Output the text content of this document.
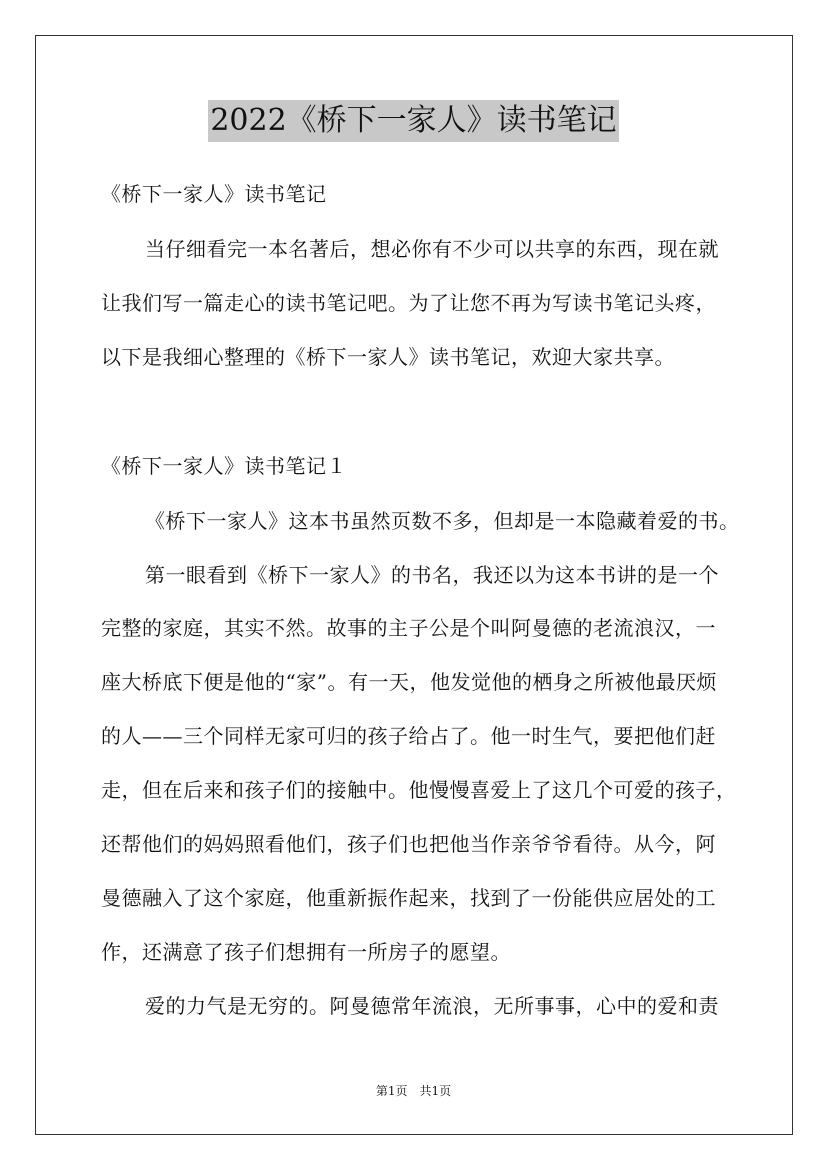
2022《桥下一家人》读书笔记
《桥下一家人》读书笔记
当仔细看完一本名著后，想必你有不少可以共享的东西，现在就
让我们写一篇走心的读书笔记吧。为了让您不再为写读书笔记头疼，
以下是我细心整理的《桥下一家人》读书笔记，欢迎大家共享。
《桥下一家人》读书笔记１
《桥下一家人》这本书虽然页数不多，但却是一本隐藏着爱的书。
第一眼看到《桥下一家人》的书名，我还以为这本书讲的是一个
完整的家庭，其实不然。故事的主子公是个叫阿曼德的老流浪汉，一
座大桥底下便是他的“家”。有一天，他发觉他的栖身之所被他最厌烦
的人——三个同样无家可归的孩子给占了。他一时生气，要把他们赶
走，但在后来和孩子们的接触中。他慢慢喜爱上了这几个可爱的孩子，
还帮他们的妈妈照看他们，孩子们也把他当作亲爷爷看待。从今，阿
曼德融入了这个家庭，他重新振作起来，找到了一份能供应居处的工
作，还满意了孩子们想拥有一所房子的愿望。
爱的力气是无穷的。阿曼德常年流浪，无所事事，心中的爱和责
第1页　共1页
